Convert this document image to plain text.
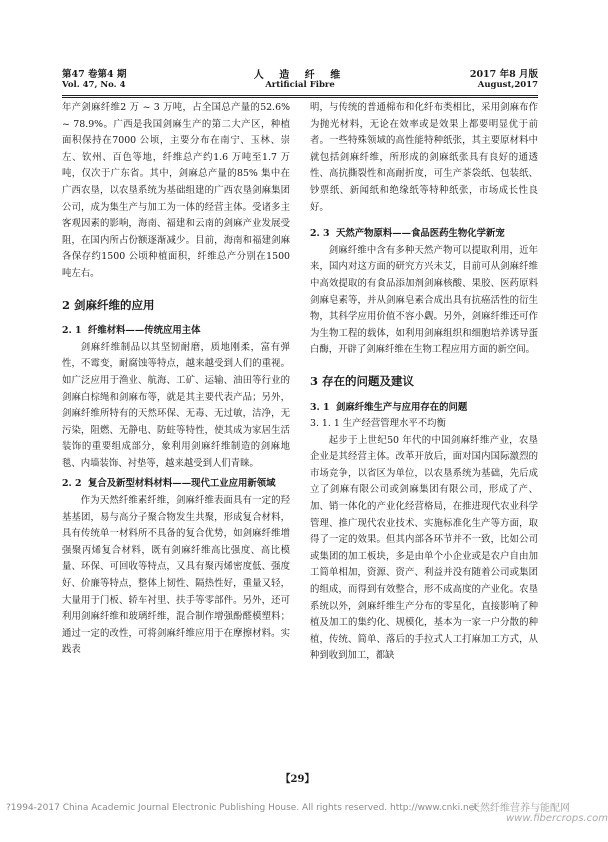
第47 卷第4 期
Vol. 47, No. 4
人 造 纤 维
Artificial Fibre
2017 年8 月版
August,2017

年产剑麻纤维2 万 ~ 3 万吨，占全国总产量的52.6% ~ 78.9%。广西是我国剑麻生产的第二大产区，种植面积保持在7000 公顷，主要分布在南宁、玉林、崇左、钦州、百色等地，纤维总产约1.6 万吨至1.7 万吨，仅次于广东省。其中，剑麻总产量的85% 集中在广西农垦，以农垦系统为基础组建的广西农垦剑麻集团公司，成为集生产与加工为一体的经营主体。受诸多主客观因素的影响，海南、福建和云南的剑麻产业发展受阻，在国内所占份额逐渐减少。目前，海南和福建剑麻各保存约1500 公顷种植面积，纤维总产分别在1500 吨左右。

2 剑麻纤维的应用
2. 1 纤维材料——传统应用主体

剑麻纤维制品以其坚韧耐磨，质地刚柔，富有弹性，不霉变，耐腐蚀等特点，越来越受到人们的重视。如广泛应用于渔业、航海、工矿、运输、油田等行业的剑麻白棕绳和剑麻布等，就是其主要代表产品；另外，剑麻纤维所特有的天然环保、无毒、无过敏，洁净，无污染，阻燃、无静电、防蛀等特性，使其成为家居生活装饰的重要组成部分，象利用剑麻纤维制造的剑麻地毯、内墙装饰、衬垫等，越来越受到人们青睐。

2. 2 复合及新型材料材料——现代工业应用新领域

作为天然纤维素纤维，剑麻纤维表面具有一定的羟基基团，易与高分子聚合物发生共聚，形成复合材料，具有传统单一材料所不具备的复合优势，如剑麻纤维增强聚丙烯复合材料，既有剑麻纤维高比强度、高比模量、环保、可回收等特点，又具有聚丙烯密度低、强度好、价廉等特点，整体上韧性、隔热性好，重量又轻，大量用于门板、轿车衬里、扶手等零部件。另外，还可利用剑麻纤维和玻璃纤维，混合制作增强酚醛模塑料；通过一定的改性，可将剑麻纤维应用于在摩擦材料。实践表

明，与传统的普通棉布和化纤布类相比，采用剑麻布作为抛光材料，无论在效率或是效果上都要明显优于前者。一些特殊领域的高性能特种纸张，其主要原材料中就包括剑麻纤维，所形成的剑麻纸张具有良好的通透性、高抗撕裂性和高耐折度，可生产茶袋纸、包装纸、钞票纸、新闻纸和绝缘纸等特种纸张，市场成长性良好。

2. 3 天然产物原料——食品医药生物化学新宠

剑麻纤维中含有多种天然产物可以提取利用，近年来，国内对这方面的研究方兴未艾，目前可从剑麻纤维中高效提取的有食品添加剂剑麻核酸、果胶、医药原料剑麻皂素等，并从剑麻皂素合成出具有抗癌活性的衍生物，其科学应用价值不容小觑。另外，剑麻纤维还可作为生物工程的载体，如利用剑麻组织和细胞培养诱导蛋白酶，开辟了剑麻纤维在生物工程应用方面的新空间。

3 存在的问题及建议
3. 1 剑麻纤维生产与应用存在的问题
3. 1. 1 生产经营管理水平不均衡

起步于上世纪50 年代的中国剑麻纤维产业，农垦企业是其经营主体。改革开放后，面对国内国际激烈的市场竞争，以省区为单位，以农垦系统为基础，先后成立了剑麻有限公司或剑麻集团有限公司，形成了产、加、销一体化的产业化经营格局，在推进现代农业科学管理、推广现代农业技术、实施标准化生产等方面，取得了一定的效果。但其内部各环节并不一致，比如公司或集团的加工板块，多是由单个小企业或是农户自由加工简单相加，资源、资产、利益并没有随着公司或集团的组成，而得到有效整合，形不成高度的产业化。农垦系统以外，剑麻纤维生产分布的零星化，直接影响了种植及加工的集约化、规模化，基本为一家一户分散的种植，传统、简单、落后的手拉式人工打麻加工方式，从种到收到加工，都缺

【29】
?1994-2017 China Academic Journal Electronic Publishing House. All rights reserved. http://www.cnki.net
天然纤维营养与能配网
www.fibercrops.com
